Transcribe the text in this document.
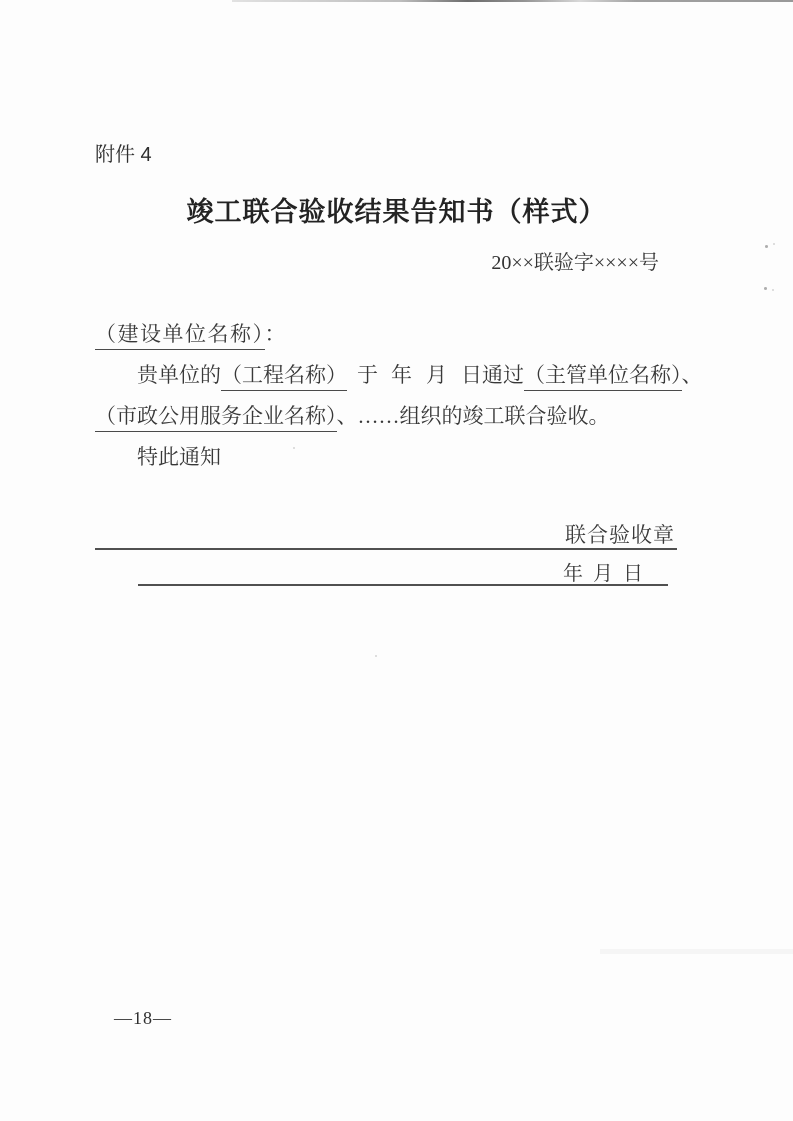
附件 4
竣工联合验收结果告知书（样式）
20××联验字××××号
（建设单位名称）：
贵单位的（工程名称） 于 年 月 日通过（主管单位名称）、
（市政公用服务企业名称）、……组织的竣工联合验收。
特此通知
联合验收章
年 月 日
—18—
